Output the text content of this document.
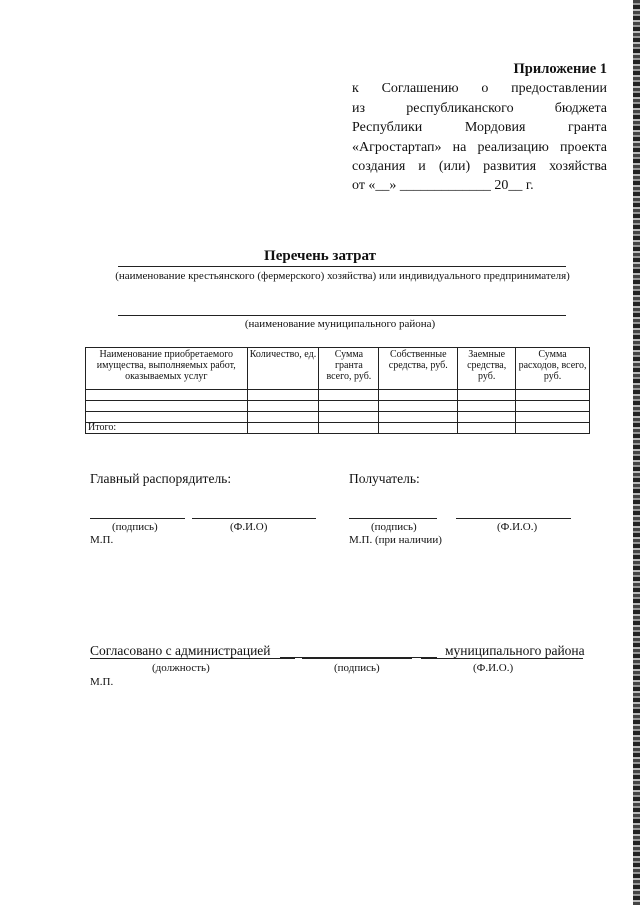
Приложение 1

к Соглашению о предоставлении

из республиканского бюджета

Республики Мордовия гранта

«Агростартап» на реализацию проекта

создания и (или) развития хозяйства

от «__» _____________ 20__ г.

Перечень затрат
(наименование крестьянского (фермерского) хозяйства) или индивидуального предпринимателя)
(наименование муниципального района)
Наименование приобретаемого имущества, выполняемых работ, оказываемых услуг	Количество, ед.	Сумма гранта всего, руб.	Собственные средства, руб.	Заемные средства, руб.	Сумма расходов, всего, руб.

Итого:					
Главный распорядитель:	Получатель:
(подпись)	(Ф.И.О)	(подпись)	(Ф.И.О.)
М.П.	М.П. (при наличии)
Согласовано с администрацией	муниципального района
(должность)	(подпись)	(Ф.И.О.)
М.П.
